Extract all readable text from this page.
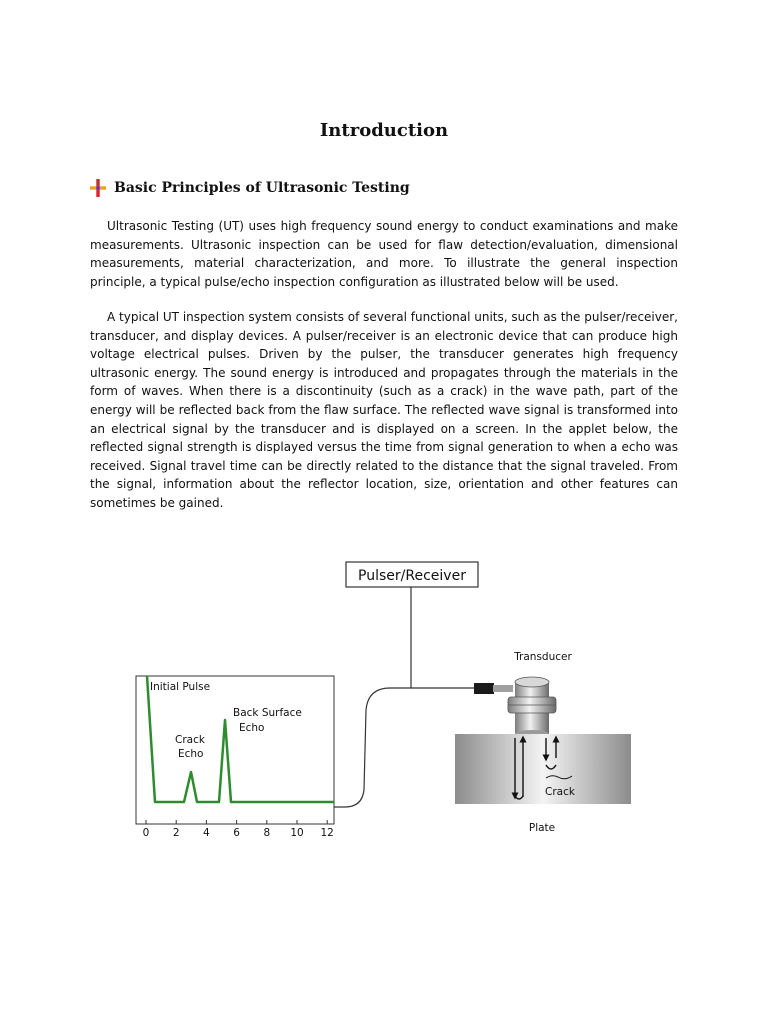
Introduction
Basic Principles of Ultrasonic Testing

Ultrasonic Testing (UT) uses high frequency sound energy to conduct examinations and make measurements. Ultrasonic inspection can be used for flaw detection/evaluation, dimensional measurements, material characterization, and more. To illustrate the general inspection principle, a typical pulse/echo inspection configuration as illustrated below will be used.

A typical UT inspection system consists of several functional units, such as the pulser/receiver, transducer, and display devices. A pulser/receiver is an electronic device that can produce high voltage electrical pulses. Driven by the pulser, the transducer generates high frequency ultrasonic energy. The sound energy is introduced and propagates through the materials in the form of waves. When there is a discontinuity (such as a crack) in the wave path, part of the energy will be reflected back from the flaw surface. The reflected wave signal is transformed into an electrical signal by the transducer and is displayed on a screen. In the applet below, the reflected signal strength is displayed versus the time from signal generation to when a echo was received. Signal travel time can be directly related to the distance that the signal traveled. From the signal, information about the reflector location, size, orientation and other features can sometimes be gained.

Pulser/Receiver
Initial Pulse
Crack
Echo
Back Surface
Echo
0 2 4 6 8 10 12
Transducer
Crack
Plate
